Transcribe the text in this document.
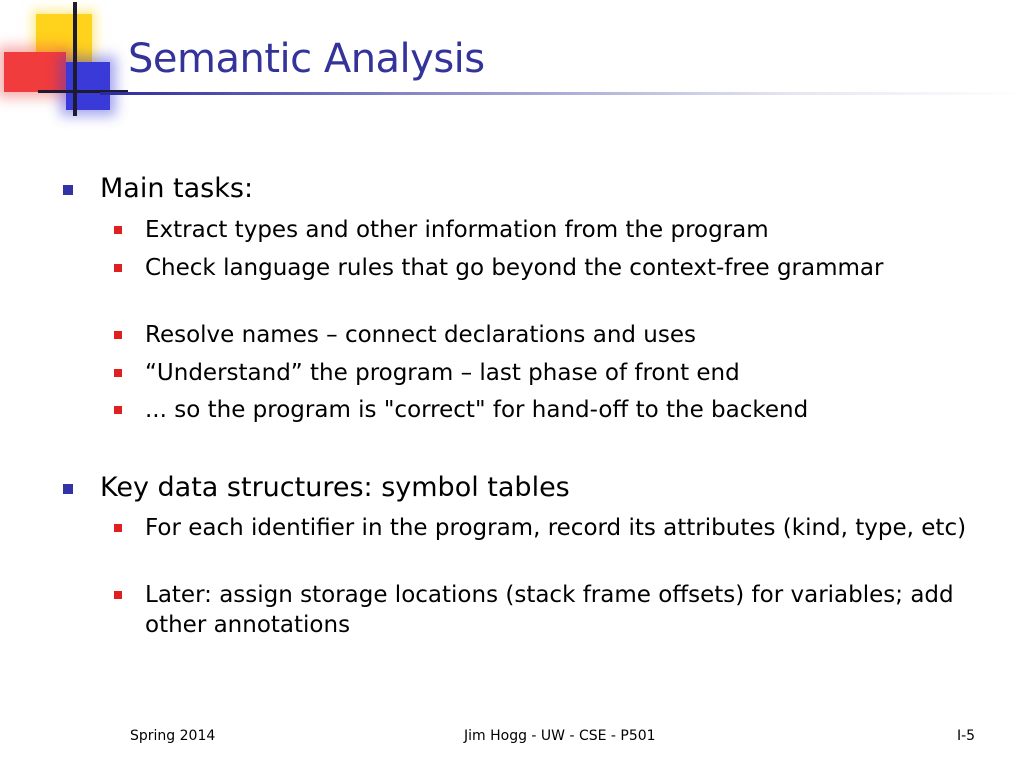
Semantic Analysis
Main tasks:
Extract types and other information from the program
Check language rules that go beyond the context-free grammar
Resolve names – connect declarations and uses
“Understand” the program – last phase of front end
... so the program is "correct" for hand-off to the backend
Key data structures: symbol tables
For each identifier in the program, record its attributes (kind, type, etc)
Later: assign storage locations (stack frame offsets) for variables; add other annotations
Spring 2014	Jim Hogg - UW - CSE - P501	I-5
